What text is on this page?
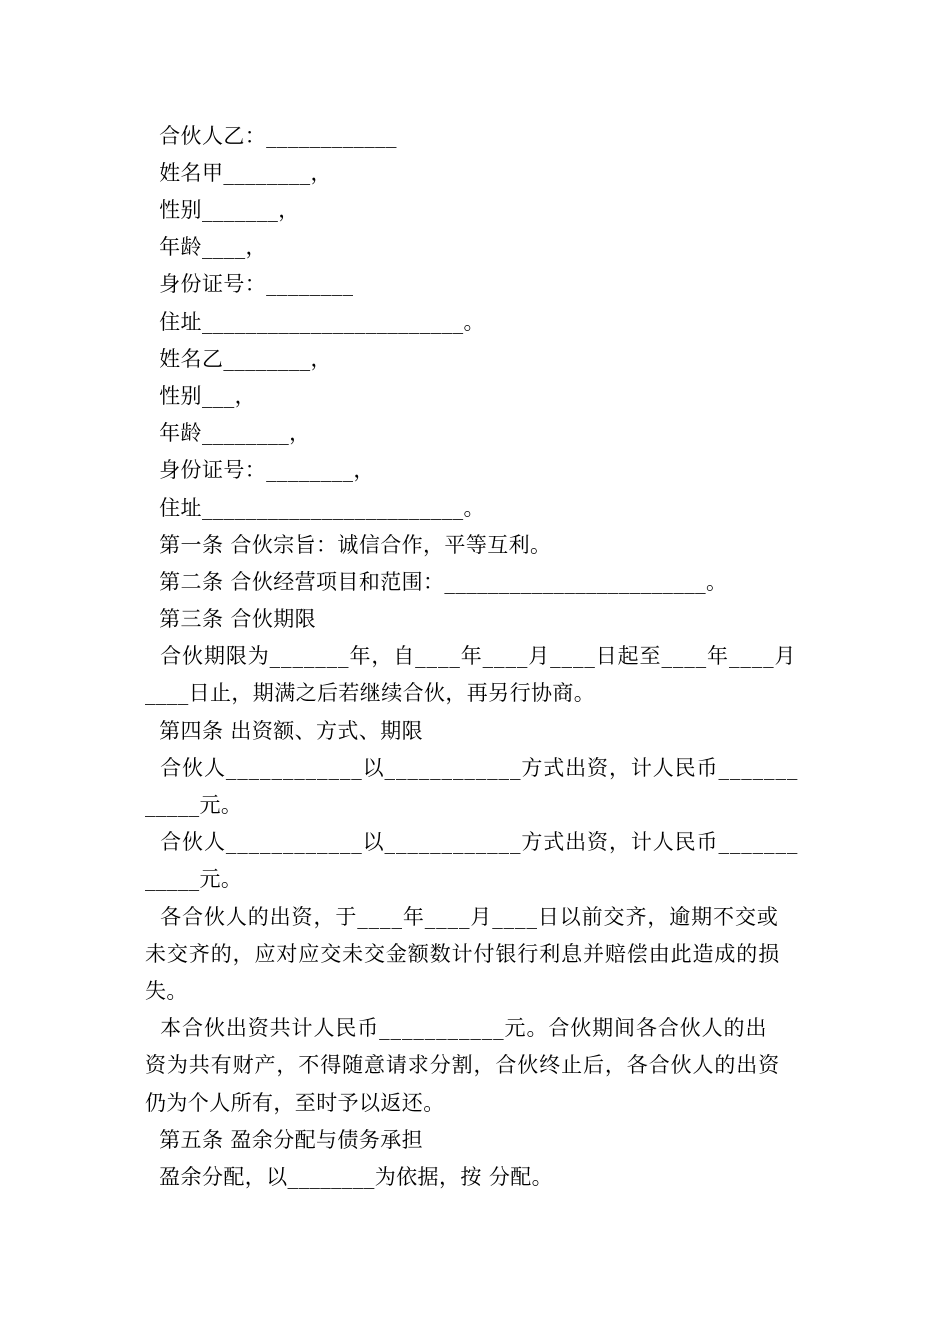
合伙人乙：____________
姓名甲________，
性别_______，
年龄____，
身份证号：________
住址________________________。
姓名乙________，
性别___，
年龄________，
身份证号：________，
住址________________________。
第一条 合伙宗旨：诚信合作，平等互利。
第二条 合伙经营项目和范围：________________________。
第三条 合伙期限
合伙期限为_______年，自____年____月____日起至____年____月
____日止，期满之后若继续合伙，再另行协商。
第四条 出资额、方式、期限
合伙人____________以____________方式出资，计人民币_______
_____元。
合伙人____________以____________方式出资，计人民币_______
_____元。
各合伙人的出资，于____年____月____日以前交齐，逾期不交或
未交齐的，应对应交未交金额数计付银行利息并赔偿由此造成的损
失。
本合伙出资共计人民币___________元。合伙期间各合伙人的出
资为共有财产，不得随意请求分割，合伙终止后，各合伙人的出资
仍为个人所有，至时予以返还。
第五条 盈余分配与债务承担
盈余分配，以________为依据，按 分配。
